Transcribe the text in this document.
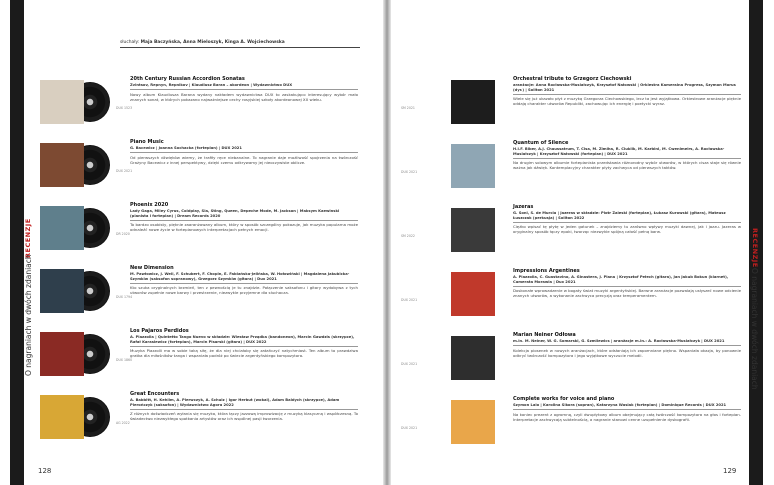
słuchały: Maja Baczyńska, Anna Mieloszyk, Kinga A. Wojciechowska
RECENZJE
O nagraniach w dwóch zdaniach
DUX 1523
20th Century Russian Accordion Sonatas
Zvintsov, Repnyn, Repnikov | Klaudiusz Baran – akordeon | Wydawnictwo DUX
Nowy album Klaudiusza Barana wydany nakładem wydawnictwa DUX to zaskakująco interesujący wybór mało znanych sonat, w których pokazano najważniejsze cechy rosyjskiej szkoły akordeonowej XX wieku.
DUX 2021
Piano Music
G. Bacewicz | Joanna Sochacka (fortepian) | DUX 2021
Od pierwszych dźwięków wiemy, że trafiły ręce niebanalne. To nagranie daje możliwość spojrzenia na twórczość Grażyny Bacewicz z innej perspektywy, dzięki czemu odkrywamy jej nieoczywiste oblicze.
DR 2020
Phoenix 2020
Lady Gaga, Miley Cyrus, Coldplay, Sia, Sting, Queen, Depeche Mode, M. Jackson | Maksym Kaewinski (pianista i fortepian) | Dream Records 2020
To bardzo osobisty, pięknie zaaranżowany album, który w sposób szczególny pokazuje, jak muzyka popularna może odnaleźć nowe życie w fortepianowych interpretacjach pełnych emocji.
DUX 1794
New Dimension
M. Pawłowicz, J. Weil, F. Schubert, F. Chopin, E. Fabiańska-Jelińska, W. Hołowiński | Magdalena Jakubicka-Szymkiw (saksofon sopranowy), Grzegorz Szymkiw (gitara) | Dux 2021
Kto szuka oryginalnych brzmień, ten z pewnością je tu znajdzie. Połączenie saksofonu i gitary wydobywa z tych utworów zupełnie nowe barwy i przestrzenie, niezwykle przyjemne dla słuchacza.
DUX 1860
Los Pajaros Perdidos
A. Piazzolla | Quintetto Tango Nuevo w składzie: Wiesław Prządka (bandoneon), Marcin Gawdzis (skrzypce), Rafał Karasiewicz (fortepian), Marcin Pisarski (gitara) | DUX 2022
Muzyka Piazzolli ma w sobie taką siłę, że dla niej chciałoby się zatańczyć natychmiast. Ten album to prawdziwa gratka dla miłośników tanga i wspaniała podróż po świecie argentyńskiego kompozytora.
AG 2022
Great Encounters
A. Babbitt, H. Kehlim, A. Pierwczyk, A. Schulz | Igor Herbut (wokal), Adam Baldych (skrzypce), Adam Pierończyk (saksofon) | Wydawnictwo Agora 2022
Z różnych doświadczeń wyłania się muzyka, która łączy jazzową improwizację z muzyką klasyczną i współczesną. To świadectwo niezwykłego spotkania artystów oraz ich wspólnej pasji tworzenia.
128
RECENZJE
O nagraniach w dwóch zdaniach
SM 2021
Orchestral tribute to Grzegorz Ciechowski
aranżacje: Anna Rocławska-Musiałczyk, Krzysztof Nałowski | Orkiestra Kameralna Progress, Szymon Morus (dyr.) | Soliton 2021
Wiele się już ukazało płyt z muzyką Grzegorza Ciechowskiego, lecz ta jest wyjątkowa. Orkiestrowe aranżacje pięknie oddają charakter utworów Republiki, zachowując ich energię i poetycki wyraz.
DUX 2021
Quantum of Silence
H.I.F. Biber, A.J. Chaussatrum, T. Cisa, M. Zimiha, R. Ciuklik, M. Karbini, M. Cwenimeirs, A. Rocławska-Musiałczyk | Krzysztof Nałowski (fortepian) | DUX 2021
Na drugim solowym albumie fortepianista przedstawia różnorodny wybór utworów, w których cisza staje się równie ważna jak dźwięk. Kontemplacyjny charakter płyty zachwyca od pierwszych taktów.
SM 2022
Jazeras
G. Soni, S. de Murcia | Jazeras w składzie: Piotr Zaleski (fortepian), Łukasz Kurowski (gitara), Mateusz Łuszczak (perkusja) | Soliton 2022
Ciężko wpisać tę płytę w jeden gatunek – znajdziemy tu zarówno wpływy muzyki dawnej, jak i jazzu. Jazeras w oryginalny sposób łączy epoki, tworząc niezwykle spójną całość pełną barw.
DUX 2021
Impressions Argentines
A. Piazzolla, C. Guastavino, A. Ginastera, J. Piana | Krzysztof Pełech (gitara), Jan Jakub Bokun (klarnet), Camerata Morawia | Dux 2021
Doskonałe wprowadzenie w bogaty świat muzyki argentyńskiej. Barwne aranżacje pozwalają usłyszeć nowe odcienie znanych utworów, a wykonanie zachwyca precyzją oraz temperamentem.
DUX 2021
Marian Neiner Odłowa
m.in. M. Neiner, W. G. Somarski, G. Szmilewics | aranżacje m.in.: A. Rocławska-Musiałczyk | DUX 2021
Kolekcja piosenek w nowych aranżacjach, które odsłaniają ich zapomniane piękno. Wspaniała okazja, by ponownie odkryć twórczość kompozytora i jego wyjątkowe wyczucie melodii.
DUX 2021
Complete works for voice and piano
Szymon Lalo | Karolina Sikora (sopran), Katarzyna Wasiak (fortepian) | Dominique Records | DUX 2021
Na koniec prezent z ogromną, czyli dwupłytowy album obejmujący całą twórczość kompozytora na głos i fortepian. Interpretacje zachwycają subtelnością, a nagranie stanowi cenne uzupełnienie dyskografii.
129
